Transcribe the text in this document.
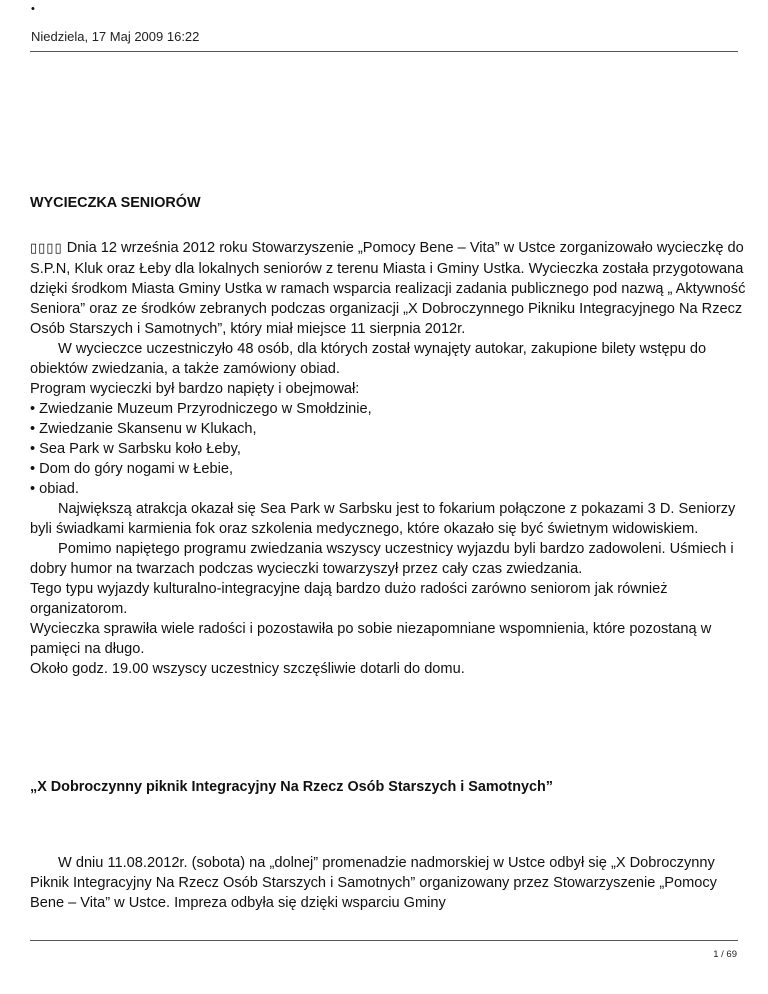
•
Niedziela, 17 Maj 2009 16:22
WYCIECZKA SENIORÓW

▯▯▯▯ Dnia 12 września 2012 roku Stowarzyszenie „Pomocy Bene – Vita” w Ustce zorganizowało wycieczkę do S.P.N, Kluk oraz Łeby dla lokalnych seniorów z terenu Miasta i Gminy Ustka. Wycieczka została przygotowana dzięki środkom Miasta Gminy Ustka w ramach wsparcia realizacji zadania publicznego pod nazwą „ Aktywność Seniora” oraz ze środków zebranych podczas organizacji „X Dobroczynnego Pikniku Integracyjnego Na Rzecz Osób Starszych i Samotnych”, który miał miejsce 11 sierpnia 2012r.

W wycieczce uczestniczyło 48 osób, dla których został wynajęty autokar, zakupione bilety wstępu do obiektów zwiedzania, a także zamówiony obiad.

Program wycieczki był bardzo napięty i obejmował:

• Zwiedzanie Muzeum Przyrodniczego w Smołdzinie,

• Zwiedzanie Skansenu w Klukach,

• Sea Park w Sarbsku koło Łeby,

• Dom do góry nogami w Łebie,

• obiad.

Największą atrakcja okazał się Sea Park w Sarbsku jest to fokarium połączone z pokazami 3 D. Seniorzy byli świadkami karmienia fok oraz szkolenia medycznego, które okazało się być świetnym widowiskiem.

Pomimo napiętego programu zwiedzania wszyscy uczestnicy wyjazdu byli bardzo zadowoleni. Uśmiech i dobry humor na twarzach podczas wycieczki towarzyszył przez cały czas zwiedzania.

Tego typu wyjazdy kulturalno-integracyjne dają bardzo dużo radości zarówno seniorom jak również organizatorom.

Wycieczka sprawiła wiele radości i pozostawiła po sobie niezapomniane wspomnienia, które pozostaną w pamięci na długo.

Około godz. 19.00 wszyscy uczestnicy szczęśliwie dotarli do domu.

„X Dobroczynny piknik Integracyjny Na Rzecz Osób Starszych i Samotnych”

W dniu 11.08.2012r. (sobota) na „dolnej” promenadzie nadmorskiej w Ustce odbył się „X Dobroczynny Piknik Integracyjny Na Rzecz Osób Starszych i Samotnych” organizowany przez Stowarzyszenie „Pomocy Bene – Vita” w Ustce. Impreza odbyła się dzięki wsparciu Gminy

1 / 69
